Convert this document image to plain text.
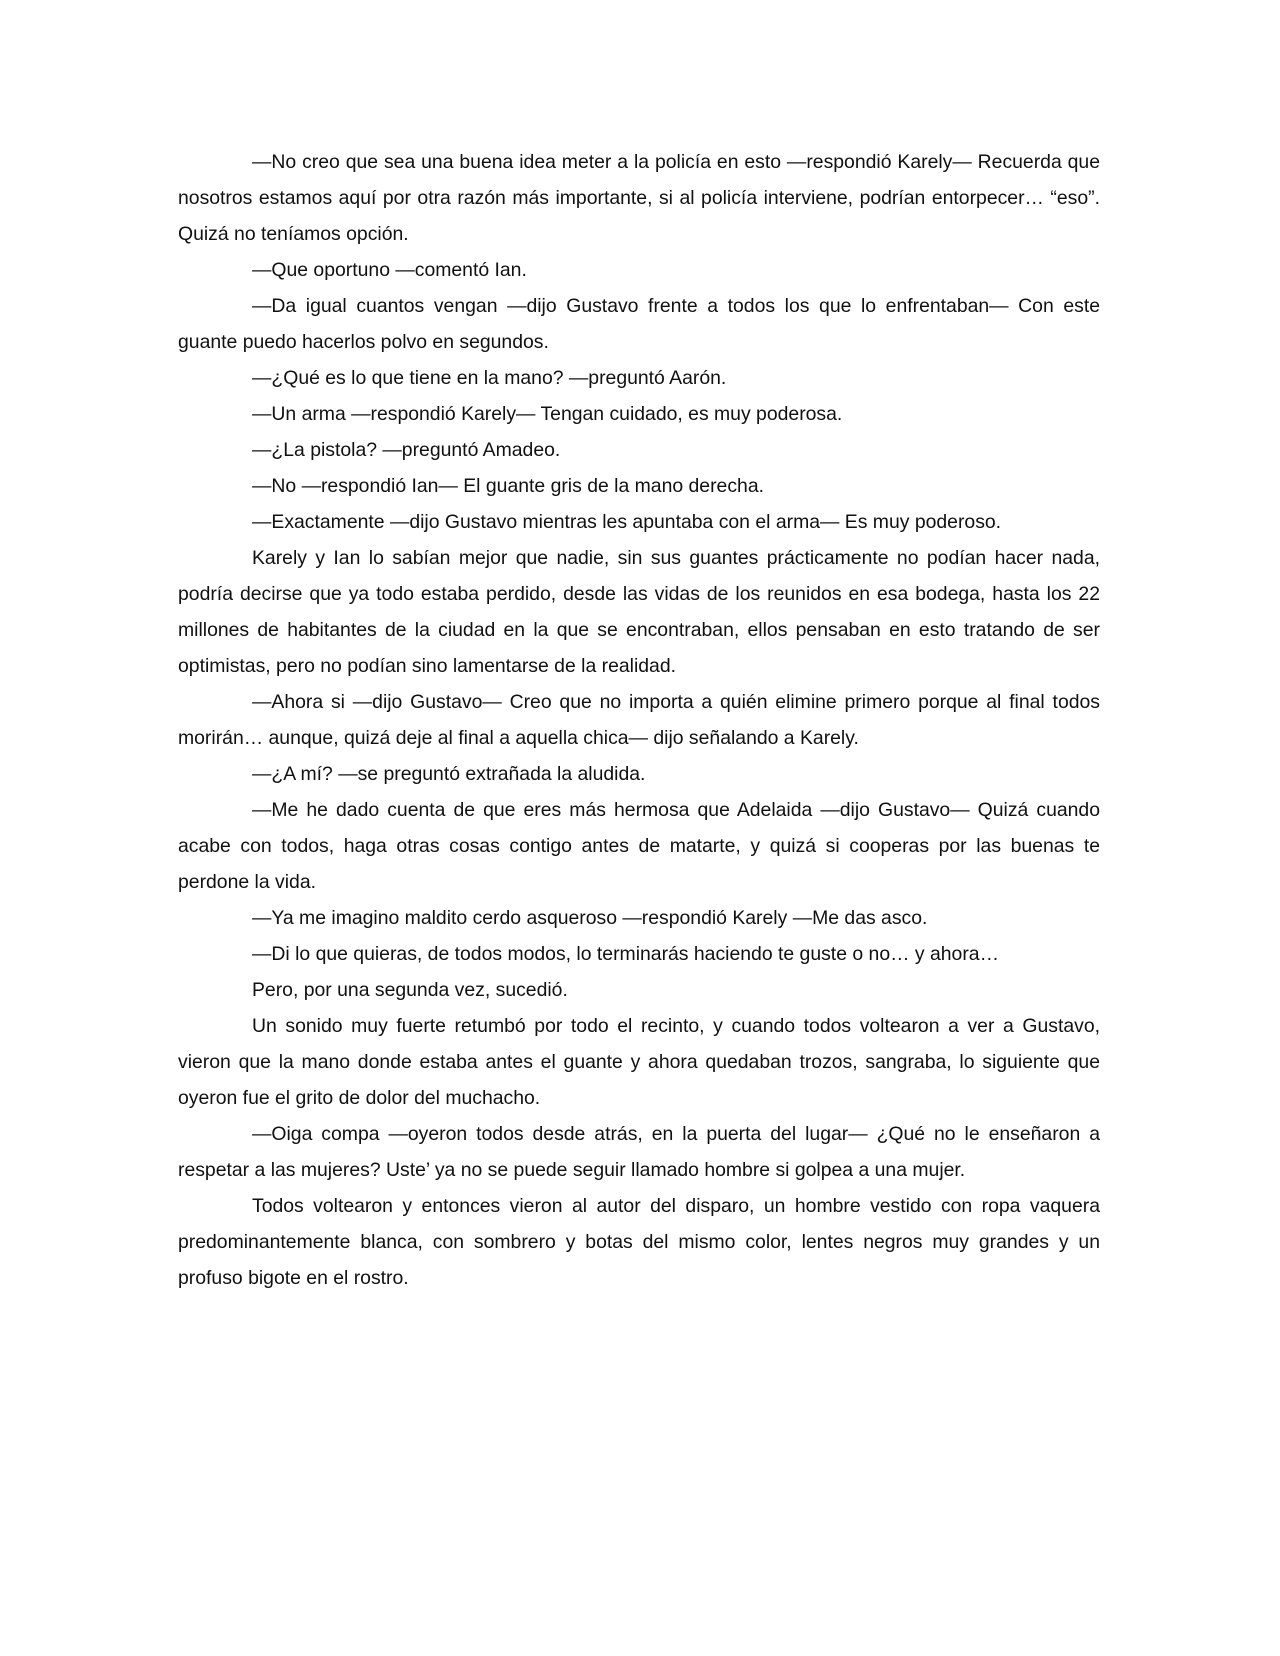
—No creo que sea una buena idea meter a la policía en esto —respondió Karely— Recuerda que nosotros estamos aquí por otra razón más importante, si al policía interviene, podrían entorpecer… “eso”. Quizá no teníamos opción.

—Que oportuno —comentó Ian.

—Da igual cuantos vengan —dijo Gustavo frente a todos los que lo enfrentaban— Con este guante puedo hacerlos polvo en segundos.

—¿Qué es lo que tiene en la mano? —preguntó Aarón.

—Un arma —respondió Karely— Tengan cuidado, es muy poderosa.

—¿La pistola? —preguntó Amadeo.

—No —respondió Ian— El guante gris de la mano derecha.

—Exactamente —dijo Gustavo mientras les apuntaba con el arma— Es muy poderoso.

Karely y Ian lo sabían mejor que nadie, sin sus guantes prácticamente no podían hacer nada, podría decirse que ya todo estaba perdido, desde las vidas de los reunidos en esa bodega, hasta los 22 millones de habitantes de la ciudad en la que se encontraban, ellos pensaban en esto tratando de ser optimistas, pero no podían sino lamentarse de la realidad.

—Ahora si —dijo Gustavo— Creo que no importa a quién elimine primero porque al final todos morirán… aunque, quizá deje al final a aquella chica— dijo señalando a Karely.

—¿A mí? —se preguntó extrañada la aludida.

—Me he dado cuenta de que eres más hermosa que Adelaida —dijo Gustavo— Quizá cuando acabe con todos, haga otras cosas contigo antes de matarte, y quizá si cooperas por las buenas te perdone la vida.

—Ya me imagino maldito cerdo asqueroso —respondió Karely —Me das asco.

—Di lo que quieras, de todos modos, lo terminarás haciendo te guste o no… y ahora…

Pero, por una segunda vez, sucedió.

Un sonido muy fuerte retumbó por todo el recinto, y cuando todos voltearon a ver a Gustavo, vieron que la mano donde estaba antes el guante y ahora quedaban trozos, sangraba, lo siguiente que oyeron fue el grito de dolor del muchacho.

—Oiga compa —oyeron todos desde atrás, en la puerta del lugar— ¿Qué no le enseñaron a respetar a las mujeres? Uste’ ya no se puede seguir llamado hombre si golpea a una mujer.

Todos voltearon y entonces vieron al autor del disparo, un hombre vestido con ropa vaquera predominantemente blanca, con sombrero y botas del mismo color, lentes negros muy grandes y un profuso bigote en el rostro.
